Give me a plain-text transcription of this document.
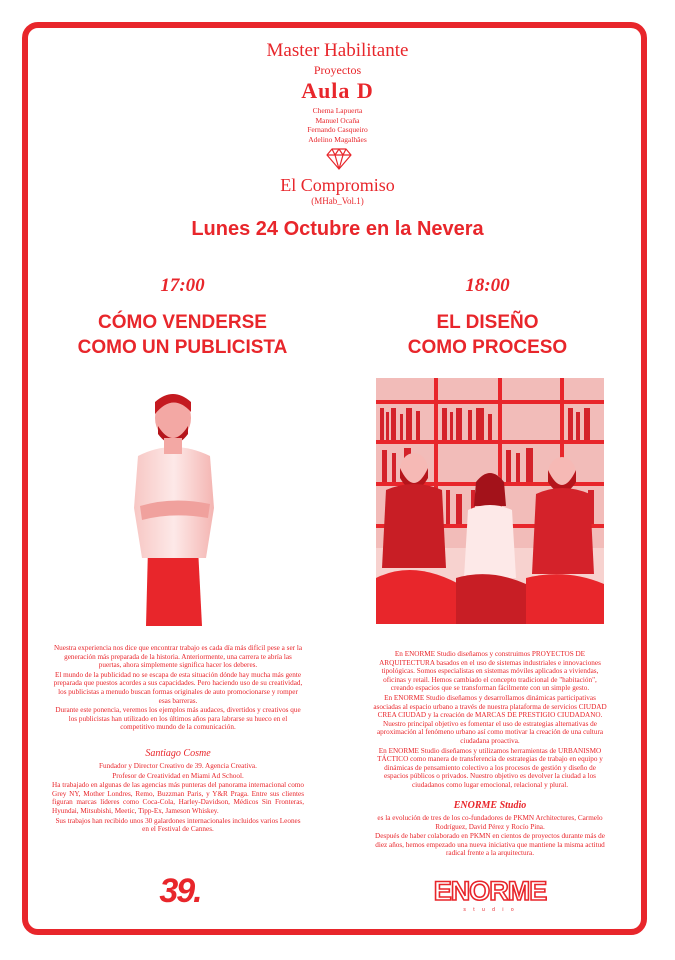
Master Habilitante
Proyectos
Aula D
Chema Lapuerta
Manuel Ocaña
Fernando Casqueiro
Adelino Magalhães
El Compromiso
(MHab_Vol.1)
Lunes 24 Octubre en la Nevera
17:00
CÓMO VENDERSE
COMO UN PUBLICISTA

Nuestra experiencia nos dice que encontrar trabajo es cada día más difícil pese a ser la generación más preparada de la historia. Anteriormente, una carrera te abría las puertas, ahora simplemente significa hacer los deberes.

El mundo de la publicidad no se escapa de esta situación dónde hay mucha más gente preparada que puestos acordes a sus capacidades. Pero haciendo uso de su creatividad, los publicistas a menudo buscan formas originales de auto promocionarse y romper esas barreras.

Durante este ponencia, veremos los ejemplos más audaces, divertidos y creativos que los publicistas han utilizado en los últimos años para labrarse su hueco en el competitivo mundo de la comunicación.

Santiago Cosme

Fundador y Director Creativo de 39. Agencia Creativa.

Profesor de Creatividad en Miami Ad School.

Ha trabajado en algunas de las agencias más punteras del panorama internacional como Grey NY, Mother Londres, Remo, Buzzman Paris, y Y&R Praga. Entre sus clientes figuran marcas líderes como Coca-Cola, Harley-Davidson, Médicos Sin Fronteras, Hyundai, Mitsubishi, Meetic, Tipp-Ex, Jameson Whiskey.

Sus trabajos han recibido unos 30 galardones internacionales incluidos varios Leones en el Festival de Cannes.

39.
18:00
EL DISEÑO
COMO PROCESO

En ENORME Studio diseñamos y construimos PROYECTOS DE ARQUITECTURA basados en el uso de sistemas industriales e innovaciones tipológicas. Somos especialistas en sistemas móviles aplicados a viviendas, oficinas y retail. Hemos cambiado el concepto tradicional de "habitación", creando espacios que se transforman fácilmente con un simple gesto.

En ENORME Studio diseñamos y desarrollamos dinámicas participativas asociadas al espacio urbano a través de nuestra plataforma de servicios CIUDAD CREA CIUDAD y la creación de MARCAS DE PRESTIGIO CIUDADANO. Nuestro principal objetivo es fomentar el uso de estrategias alternativas de aproximación al fenómeno urbano así como motivar la creación de una cultura ciudadana proactiva.

En ENORME Studio diseñamos y utilizamos herramientas de URBANISMO TÁCTICO como manera de transferencia de estrategias de trabajo en equipo y dinámicas de pensamiento colectivo a los procesos de gestión y diseño de espacios públicos o privados. Nuestro objetivo es devolver la ciudad a los ciudadanos como lugar emocional, relacional y plural.

ENORME Studio

es la evolución de tres de los co-fundadores de PKMN Architectures, Carmelo Rodríguez, David Pérez y Rocío Pina.

Después de haber colaborado en PKMN en cientos de proyectos durante más de diez años, hemos empezado una nueva iniciativa que mantiene la misma actitud radical frente a la arquitectura.

ENORME
s t u d i o
